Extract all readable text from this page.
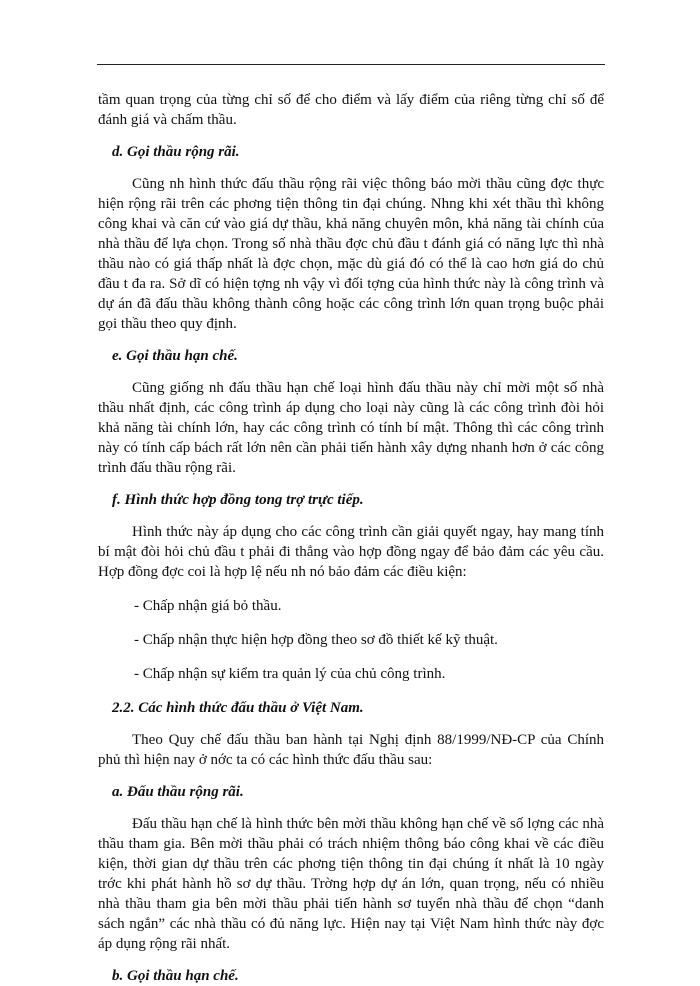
tầm quan trọng của từng chỉ số để cho điểm và lấy điểm của riêng từng chỉ số để đánh giá và chấm thầu.

d. Gọi thầu rộng rãi.

Cũng nh hình thức đấu thầu rộng rãi việc thông báo mời thầu cũng đợc thực hiện rộng rãi trên các phơng tiện thông tin đại chúng. Nhng khi xét thầu thì không công khai và căn cứ vào giá dự thầu, khả năng chuyên môn, khả năng tài chính của nhà thầu để lựa chọn. Trong số nhà thầu đợc chủ đầu t đánh giá có năng lực thì nhà thầu nào có giá thấp nhất là đợc chọn, mặc dù giá đó có thể là cao hơn giá do chủ đầu t đa ra. Sở dĩ có hiện tợng nh vậy vì đối tợng của hình thức này là công trình và dự án đã đấu thầu không thành công hoặc các công trình lớn quan trọng buộc phải gọi thầu theo quy định.

e. Gọi thầu hạn chế.

Cũng giống nh đấu thầu hạn chế loại hình đấu thầu này chỉ mời một số nhà thầu nhất định, các công trình áp dụng cho loại này cũng là các công trình đòi hỏi khả năng tài chính lớn, hay các công trình có tính bí mật. Thông thì các công trình này có tính cấp bách rất lớn nên cần phải tiến hành xây dựng nhanh hơn ở các công trình đấu thầu rộng rãi.

f. Hình thức hợp đồng tong trợ trực tiếp.

Hình thức này áp dụng cho các công trình cần giải quyết ngay, hay mang tính bí mật đòi hỏi chủ đầu t phải đi thẳng vào hợp đồng ngay để bảo đảm các yêu cầu. Hợp đồng đợc coi là hợp lệ nếu nh nó bảo đảm các điều kiện:

- Chấp nhận giá bỏ thầu.

- Chấp nhận thực hiện hợp đồng theo sơ đồ thiết kế kỹ thuật.

- Chấp nhận sự kiểm tra quản lý của chủ công trình.

2.2. Các hình thức đấu thầu ở Việt Nam.

Theo Quy chế đấu thầu ban hành tại Nghị định 88/1999/NĐ-CP của Chính phủ thì hiện nay ở nớc ta có các hình thức đấu thầu sau:

a. Đấu thầu rộng rãi.

Đấu thầu hạn chế là hình thức bên mời thầu không hạn chế về số lợng các nhà thầu tham gia. Bên mời thầu phải có trách nhiệm thông báo công khai về các điều kiện, thời gian dự thầu trên các phơng tiện thông tin đại chúng ít nhất là 10 ngày trớc khi phát hành hồ sơ dự thầu. Trờng hợp dự án lớn, quan trọng, nếu có nhiều nhà thầu tham gia bên mời thầu phải tiến hành sơ tuyển nhà thầu để chọn “danh sách ngắn” các nhà thầu có đủ năng lực. Hiện nay tại Việt Nam hình thức này đợc áp dụng rộng rãi nhất.

b. Gọi thầu hạn chế.
